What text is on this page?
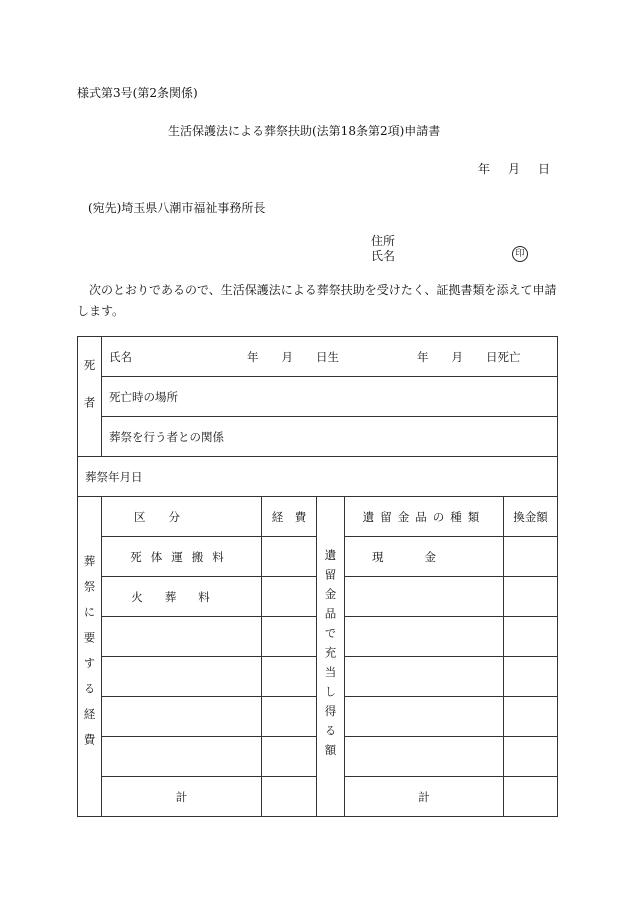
様式第3号(第2条関係)
生活保護法による葬祭扶助(法第18条第2項)申請書
年　月　日
(宛先)埼玉県八潮市福祉事務所長
住所
氏名	印
次のとおりであるので、生活保護法による葬祭扶助を受けたく、証拠書類を添えて申請します。
死者	氏名 年　　月　　日生 年　　月　　日死亡				

	死亡時の場所				
	葬祭を行う者との関係				
葬祭年月日					

葬祭に要する経費	区　　分	経　費	遺留金品で充当し得る額	遺留金品の種類	換金額
	死体運搬料			現　　金	
	火葬料				

	計			計	
